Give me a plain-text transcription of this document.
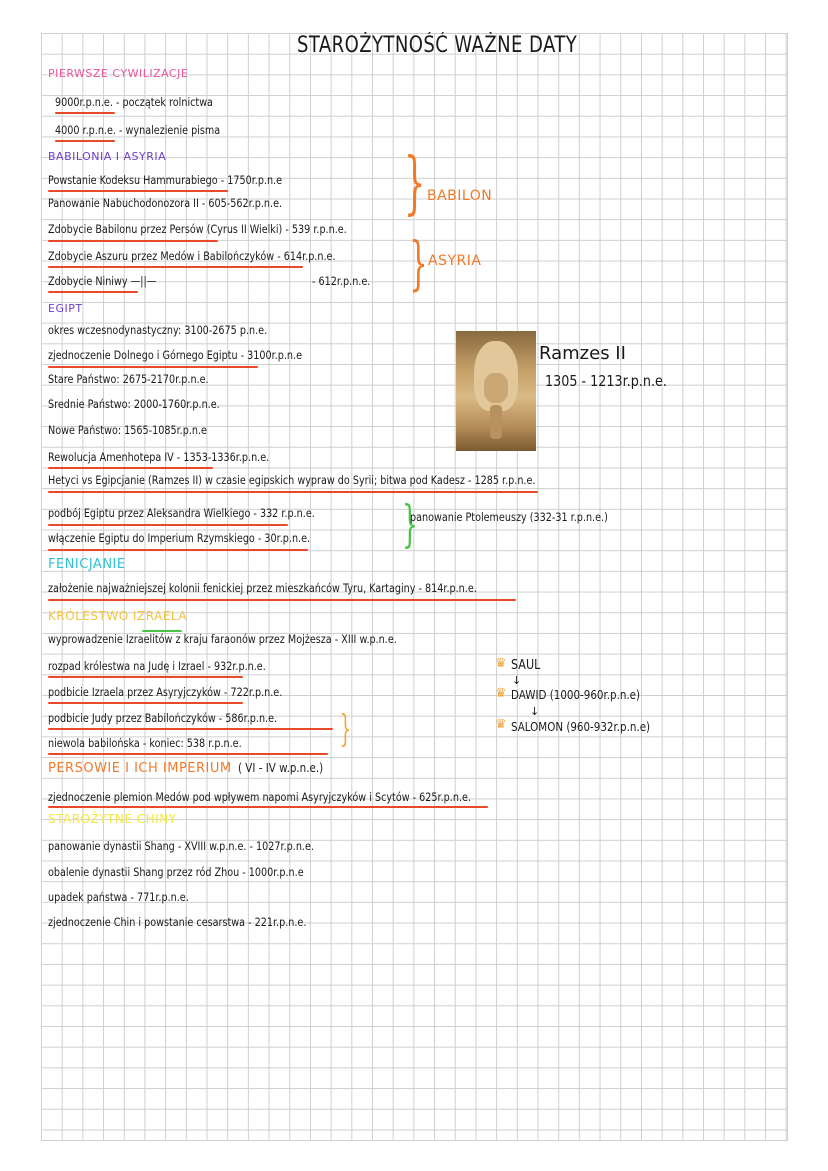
STAROŻYTNOŚĆ WAŻNE DATY
PIERWSZE CYWILIZACJE
9000r.p.n.e. - początek rolnictwa
4000 r.p.n.e. - wynalezienie pisma
BABILONIA I ASYRIA
Powstanie Kodeksu Hammurabiego - 1750r.p.n.e
Panowanie Nabuchodonozora II - 605-562r.p.n.e.
Zdobycie Babilonu przez Persów (Cyrus II Wielki) - 539 r.p.n.e.
Zdobycie Aszuru przez Medów i Babilończyków - 614r.p.n.e.
Zdobycie Niniwy —||—	- 612r.p.n.e.
} BABILON
} ASYRIA
EGIPT
okres wczesnodynastyczny: 3100-2675 p.n.e.
zjednoczenie Dolnego i Górnego Egiptu - 3100r.p.n.e
Stare Państwo: 2675-2170r.p.n.e.
Średnie Państwo: 2000-1760r.p.n.e.
Nowe Państwo: 1565-1085r.p.n.e
Rewolucja Amenhotepa IV - 1353-1336r.p.n.e.
Hetyci vs Egipcjanie (Ramzes II) w czasie egipskich wypraw do Syrii; bitwa pod Kadesz - 1285 r.p.n.e.
podbój Egiptu przez Aleksandra Wielkiego - 332 r.p.n.e.
włączenie Egiptu do Imperium Rzymskiego - 30r.p.n.e. }
panowanie Ptolemeuszy (332-31 r.p.n.e.)
Ramzes II
1305 - 1213r.p.n.e.
FENICJANIE
założenie najważniejszej kolonii fenickiej przez mieszkańców Tyru, Kartaginy - 814r.p.n.e.
KRÓLESTWO IZRAELA
wyprowadzenie Izraelitów z kraju faraonów przez Mojżesza - XIII w.p.n.e.
rozpad królestwa na Judę i Izrael - 932r.p.n.e.
podbicie Izraela przez Asyryjczyków - 722r.p.n.e.
podbicie Judy przez Babilończyków - 586r.p.n.e.
niewola babilońska - koniec: 538 r.p.n.e.	}
♛ SAUL
↓
♛ DAWID (1000-960r.p.n.e)
↓
♛ SALOMON (960-932r.p.n.e)
PERSOWIE I ICH IMPERIUM ( VI - IV w.p.n.e.)
zjednoczenie plemion Medów pod wpływem napomi Asyryjczyków i Scytów - 625r.p.n.e.
STAROŻYTNE CHINY
panowanie dynastii Shang - XVIII w.p.n.e. - 1027r.p.n.e.
obalenie dynastii Shang przez ród Zhou - 1000r.p.n.e
upadek państwa - 771r.p.n.e.
zjednoczenie Chin i powstanie cesarstwa - 221r.p.n.e.
